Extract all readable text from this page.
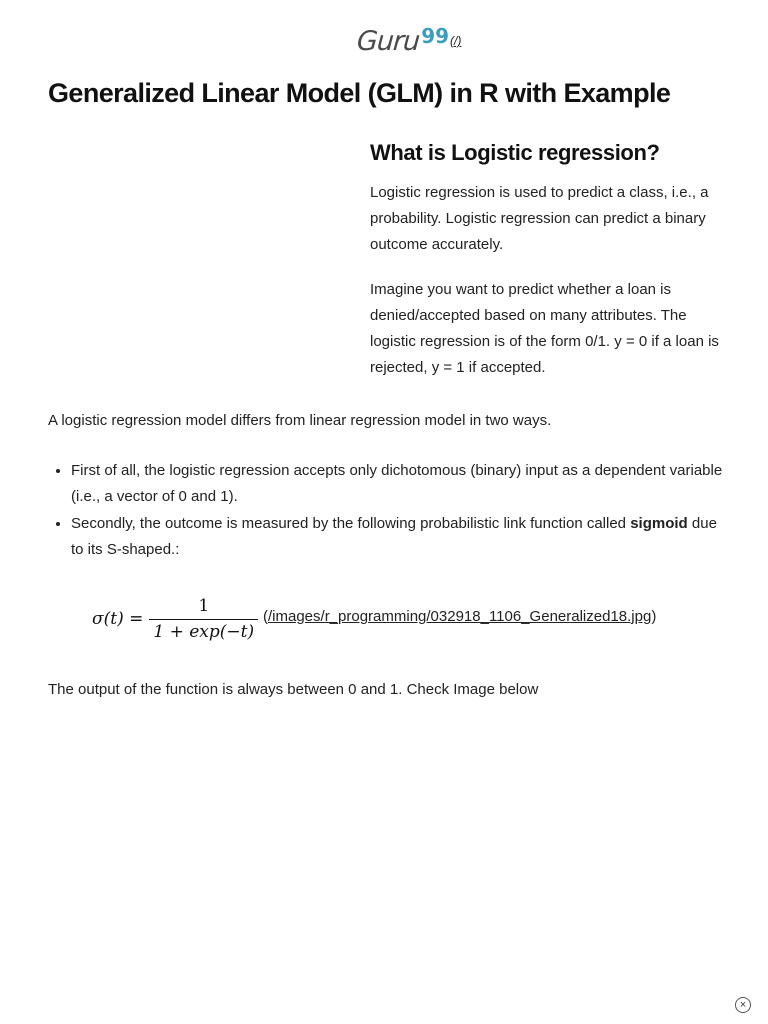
Guru 99 (/)
Generalized Linear Model (GLM) in R with Example
What is Logistic regression?

Logistic regression is used to predict a class, i.e., a probability. Logistic regression can predict a binary outcome accurately.

Imagine you want to predict whether a loan is denied/accepted based on many attributes. The logistic regression is of the form 0/1. y = 0 if a loan is rejected, y = 1 if accepted.

A logistic regression model differs from linear regression model in two ways.
• First of all, the logistic regression accepts only dichotomous (binary) input as a dependent variable (i.e., a vector of 0 and 1).
• Secondly, the outcome is measured by the following probabilistic link function called sigmoid due to its S-shaped.:
$\sigma(t) = \frac{1}{1 + \exp(-t)}$ (/images/r_programming/032918_1106_Generalized18.jpg)
The output of the function is always between 0 and 1. Check Image below
×
